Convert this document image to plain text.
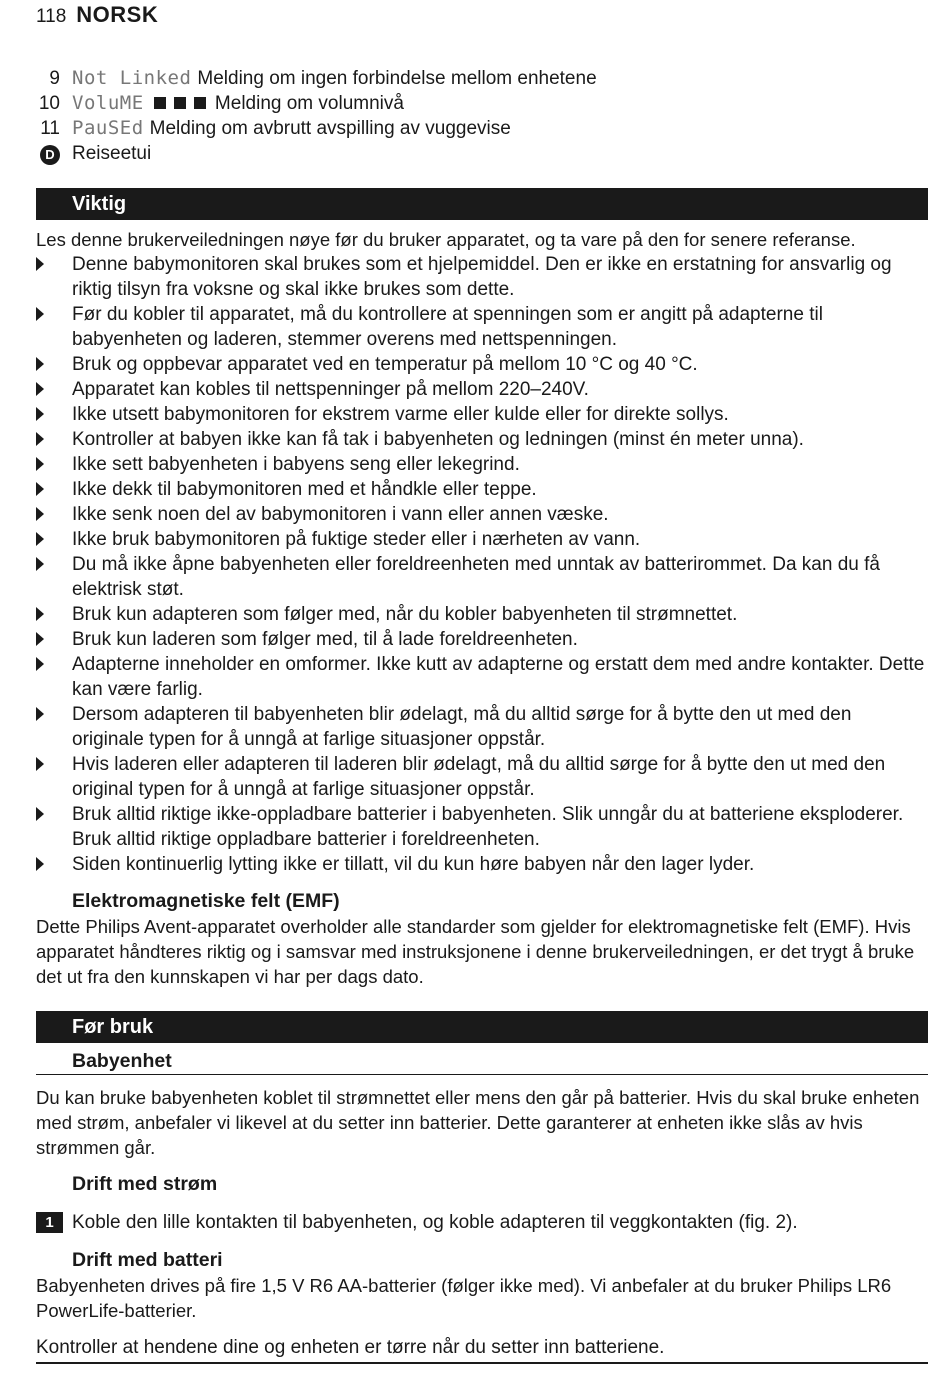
118 NORSK
9 Not Linked Melding om ingen forbindelse mellom enhetene
10 VoluME	Melding om volumnivå
11 PauSEd Melding om avbrutt avspilling av vuggevise
D Reiseetui
Viktig
Les denne brukerveiledningen nøye før du bruker apparatet, og ta vare på den for senere referanse.
Denne babymonitoren skal brukes som et hjelpemiddel. Den er ikke en erstatning for ansvarlig og riktig tilsyn fra voksne og skal ikke brukes som dette.
Før du kobler til apparatet, må du kontrollere at spenningen som er angitt på adapterne til babyenheten og laderen, stemmer overens med nettspenningen.
Bruk og oppbevar apparatet ved en temperatur på mellom 10 °C og 40 °C.
Apparatet kan kobles til nettspenninger på mellom 220–240V.
Ikke utsett babymonitoren for ekstrem varme eller kulde eller for direkte sollys.
Kontroller at babyen ikke kan få tak i babyenheten og ledningen (minst én meter unna).
Ikke sett babyenheten i babyens seng eller lekegrind.
Ikke dekk til babymonitoren med et håndkle eller teppe.
Ikke senk noen del av babymonitoren i vann eller annen væske.
Ikke bruk babymonitoren på fuktige steder eller i nærheten av vann.
Du må ikke åpne babyenheten eller foreldreenheten med unntak av batterirommet. Da kan du få elektrisk støt.
Bruk kun adapteren som følger med, når du kobler babyenheten til strømnettet.
Bruk kun laderen som følger med, til å lade foreldreenheten.
Adapterne inneholder en omformer. Ikke kutt av adapterne og erstatt dem med andre kontakter. Dette kan være farlig.
Dersom adapteren til babyenheten blir ødelagt, må du alltid sørge for å bytte den ut med den originale typen for å unngå at farlige situasjoner oppstår.
Hvis laderen eller adapteren til laderen blir ødelagt, må du alltid sørge for å bytte den ut med den original typen for å unngå at farlige situasjoner oppstår.
Bruk alltid riktige ikke-oppladbare batterier i babyenheten. Slik unngår du at batteriene eksploderer. Bruk alltid riktige oppladbare batterier i foreldreenheten.
Siden kontinuerlig lytting ikke er tillatt, vil du kun høre babyen når den lager lyder.
Elektromagnetiske felt (EMF)
Dette Philips Avent-apparatet overholder alle standarder som gjelder for elektromagnetiske felt (EMF). Hvis apparatet håndteres riktig og i samsvar med instruksjonene i denne brukerveiledningen, er det trygt å bruke det ut fra den kunnskapen vi har per dags dato.
Før bruk
Babyenhet
Du kan bruke babyenheten koblet til strømnettet eller mens den går på batterier. Hvis du skal bruke enheten med strøm, anbefaler vi likevel at du setter inn batterier. Dette garanterer at enheten ikke slås av hvis strømmen går.
Drift med strøm
1 Koble den lille kontakten til babyenheten, og koble adapteren til veggkontakten (fig. 2).
Drift med batteri
Babyenheten drives på fire 1,5 V R6 AA-batterier (følger ikke med). Vi anbefaler at du bruker Philips LR6 PowerLife-batterier.
Kontroller at hendene dine og enheten er tørre når du setter inn batteriene.
